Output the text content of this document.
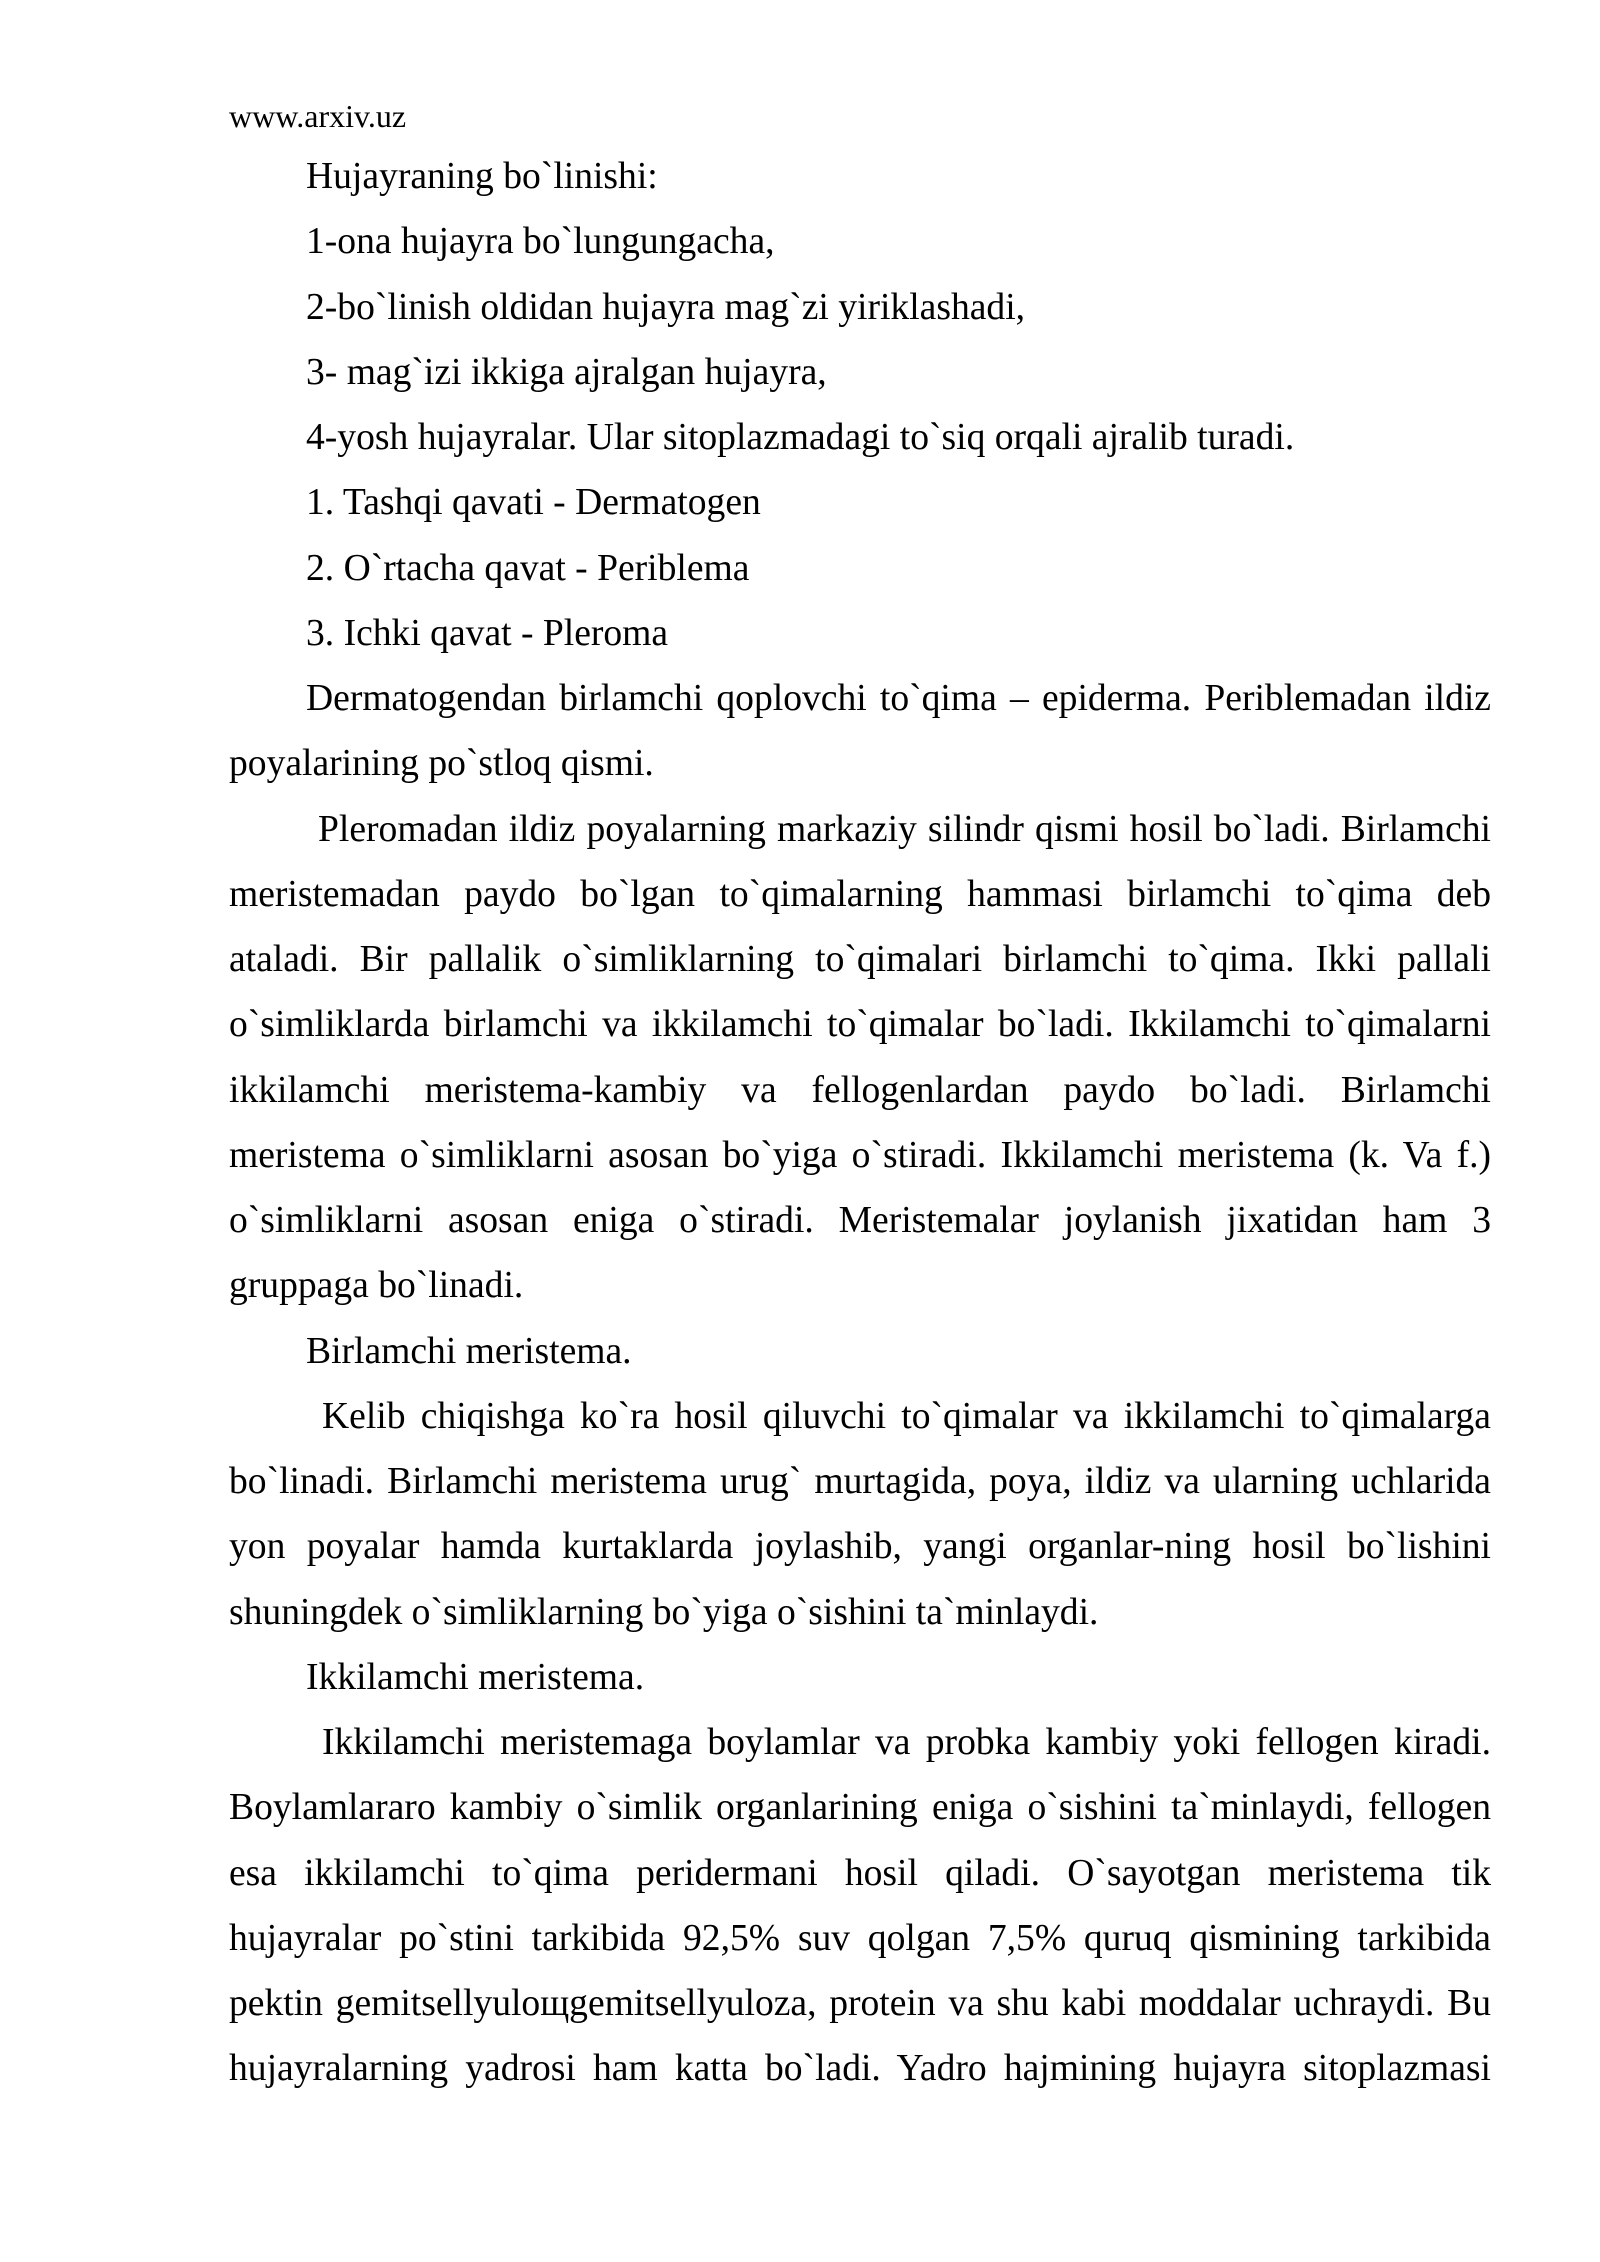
www.arxiv.uz
Hujayraning bo`linishi:
1-ona hujayra bo`lungungacha,
2-bo`linish oldidan hujayra mag`zi yiriklashadi,
3- mag`izi ikkiga ajralgan hujayra,
4-yosh hujayralar. Ular sitoplazmadagi to`siq orqali ajralib turadi.
1. Tashqi qavati - Dermatogen
2. O`rtacha qavat - Periblema
3. Ichki qavat - Pleroma
Dermatogendan birlamchi qoplovchi to`qima – epiderma. Periblemadan ildiz
poyalarining po`stloq qismi.
Pleromadan ildiz poyalarning markaziy silindr qismi hosil bo`ladi. Birlamchi
meristemadan paydo bo`lgan to`qimalarning hammasi birlamchi to`qima deb
ataladi. Bir pallalik o`simliklarning to`qimalari birlamchi to`qima. Ikki pallali
o`simliklarda birlamchi va ikkilamchi to`qimalar bo`ladi. Ikkilamchi to`qimalarni
ikkilamchi meristema-kambiy va fellogenlardan paydo bo`ladi. Birlamchi
meristema o`simliklarni asosan bo`yiga o`stiradi. Ikkilamchi meristema (k. Va f.)
o`simliklarni asosan eniga o`stiradi. Meristemalar joylanish jixatidan ham 3
gruppaga bo`linadi.
Birlamchi meristema.
Kelib chiqishga ko`ra hosil qiluvchi to`qimalar va ikkilamchi to`qimalarga
bo`linadi. Birlamchi meristema urug` murtagida, poya, ildiz va ularning uchlarida
yon poyalar hamda kurtaklarda joylashib, yangi organlar-ning hosil bo`lishini
shuningdek o`simliklarning bo`yiga o`sishini ta`minlaydi.
Ikkilamchi meristema.
Ikkilamchi meristemaga boylamlar va probka kambiy yoki fellogen kiradi.
Boylamlararo kambiy o`simlik organlarining eniga o`sishini ta`minlaydi, fellogen
esa ikkilamchi to`qima peridermani hosil qiladi. O`sayotgan meristema tik
hujayralar po`stini tarkibida 92,5% suv qolgan 7,5% quruq qismining tarkibida
pektin gemitsellyulощgemitsellyuloza, protein va shu kabi moddalar uchraydi. Bu
hujayralarning yadrosi ham katta bo`ladi. Yadro hajmining hujayra sitoplazmasi
